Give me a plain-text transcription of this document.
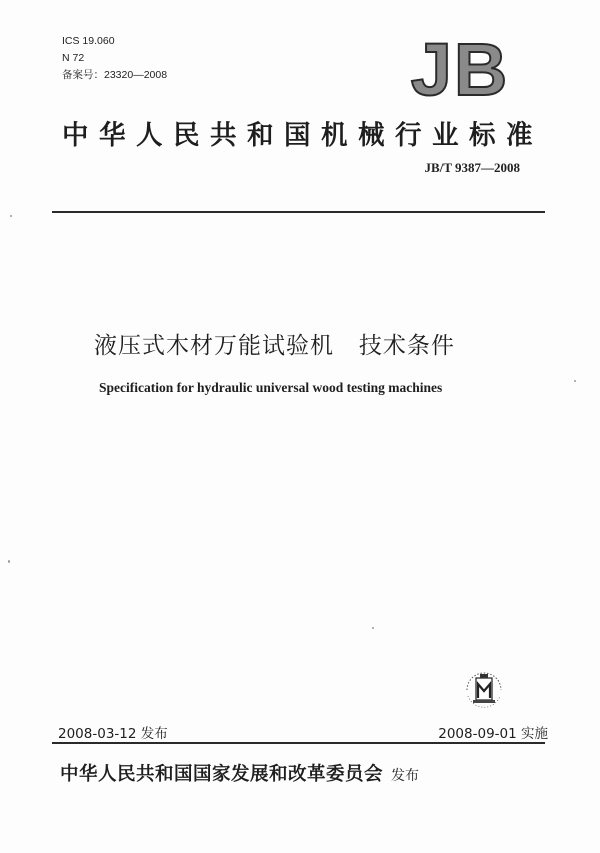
ICS 19.060
N 72
备案号：23320—2008	JB
中华人民共和国机械行业标准
JB/T 9387—2008
液压式木材万能试验机   技术条件
Specification for hydraulic universal wood testing machines
2008-03-12 发布	2008-09-01 实施
中华人民共和国国家发展和改革委员会 发布
